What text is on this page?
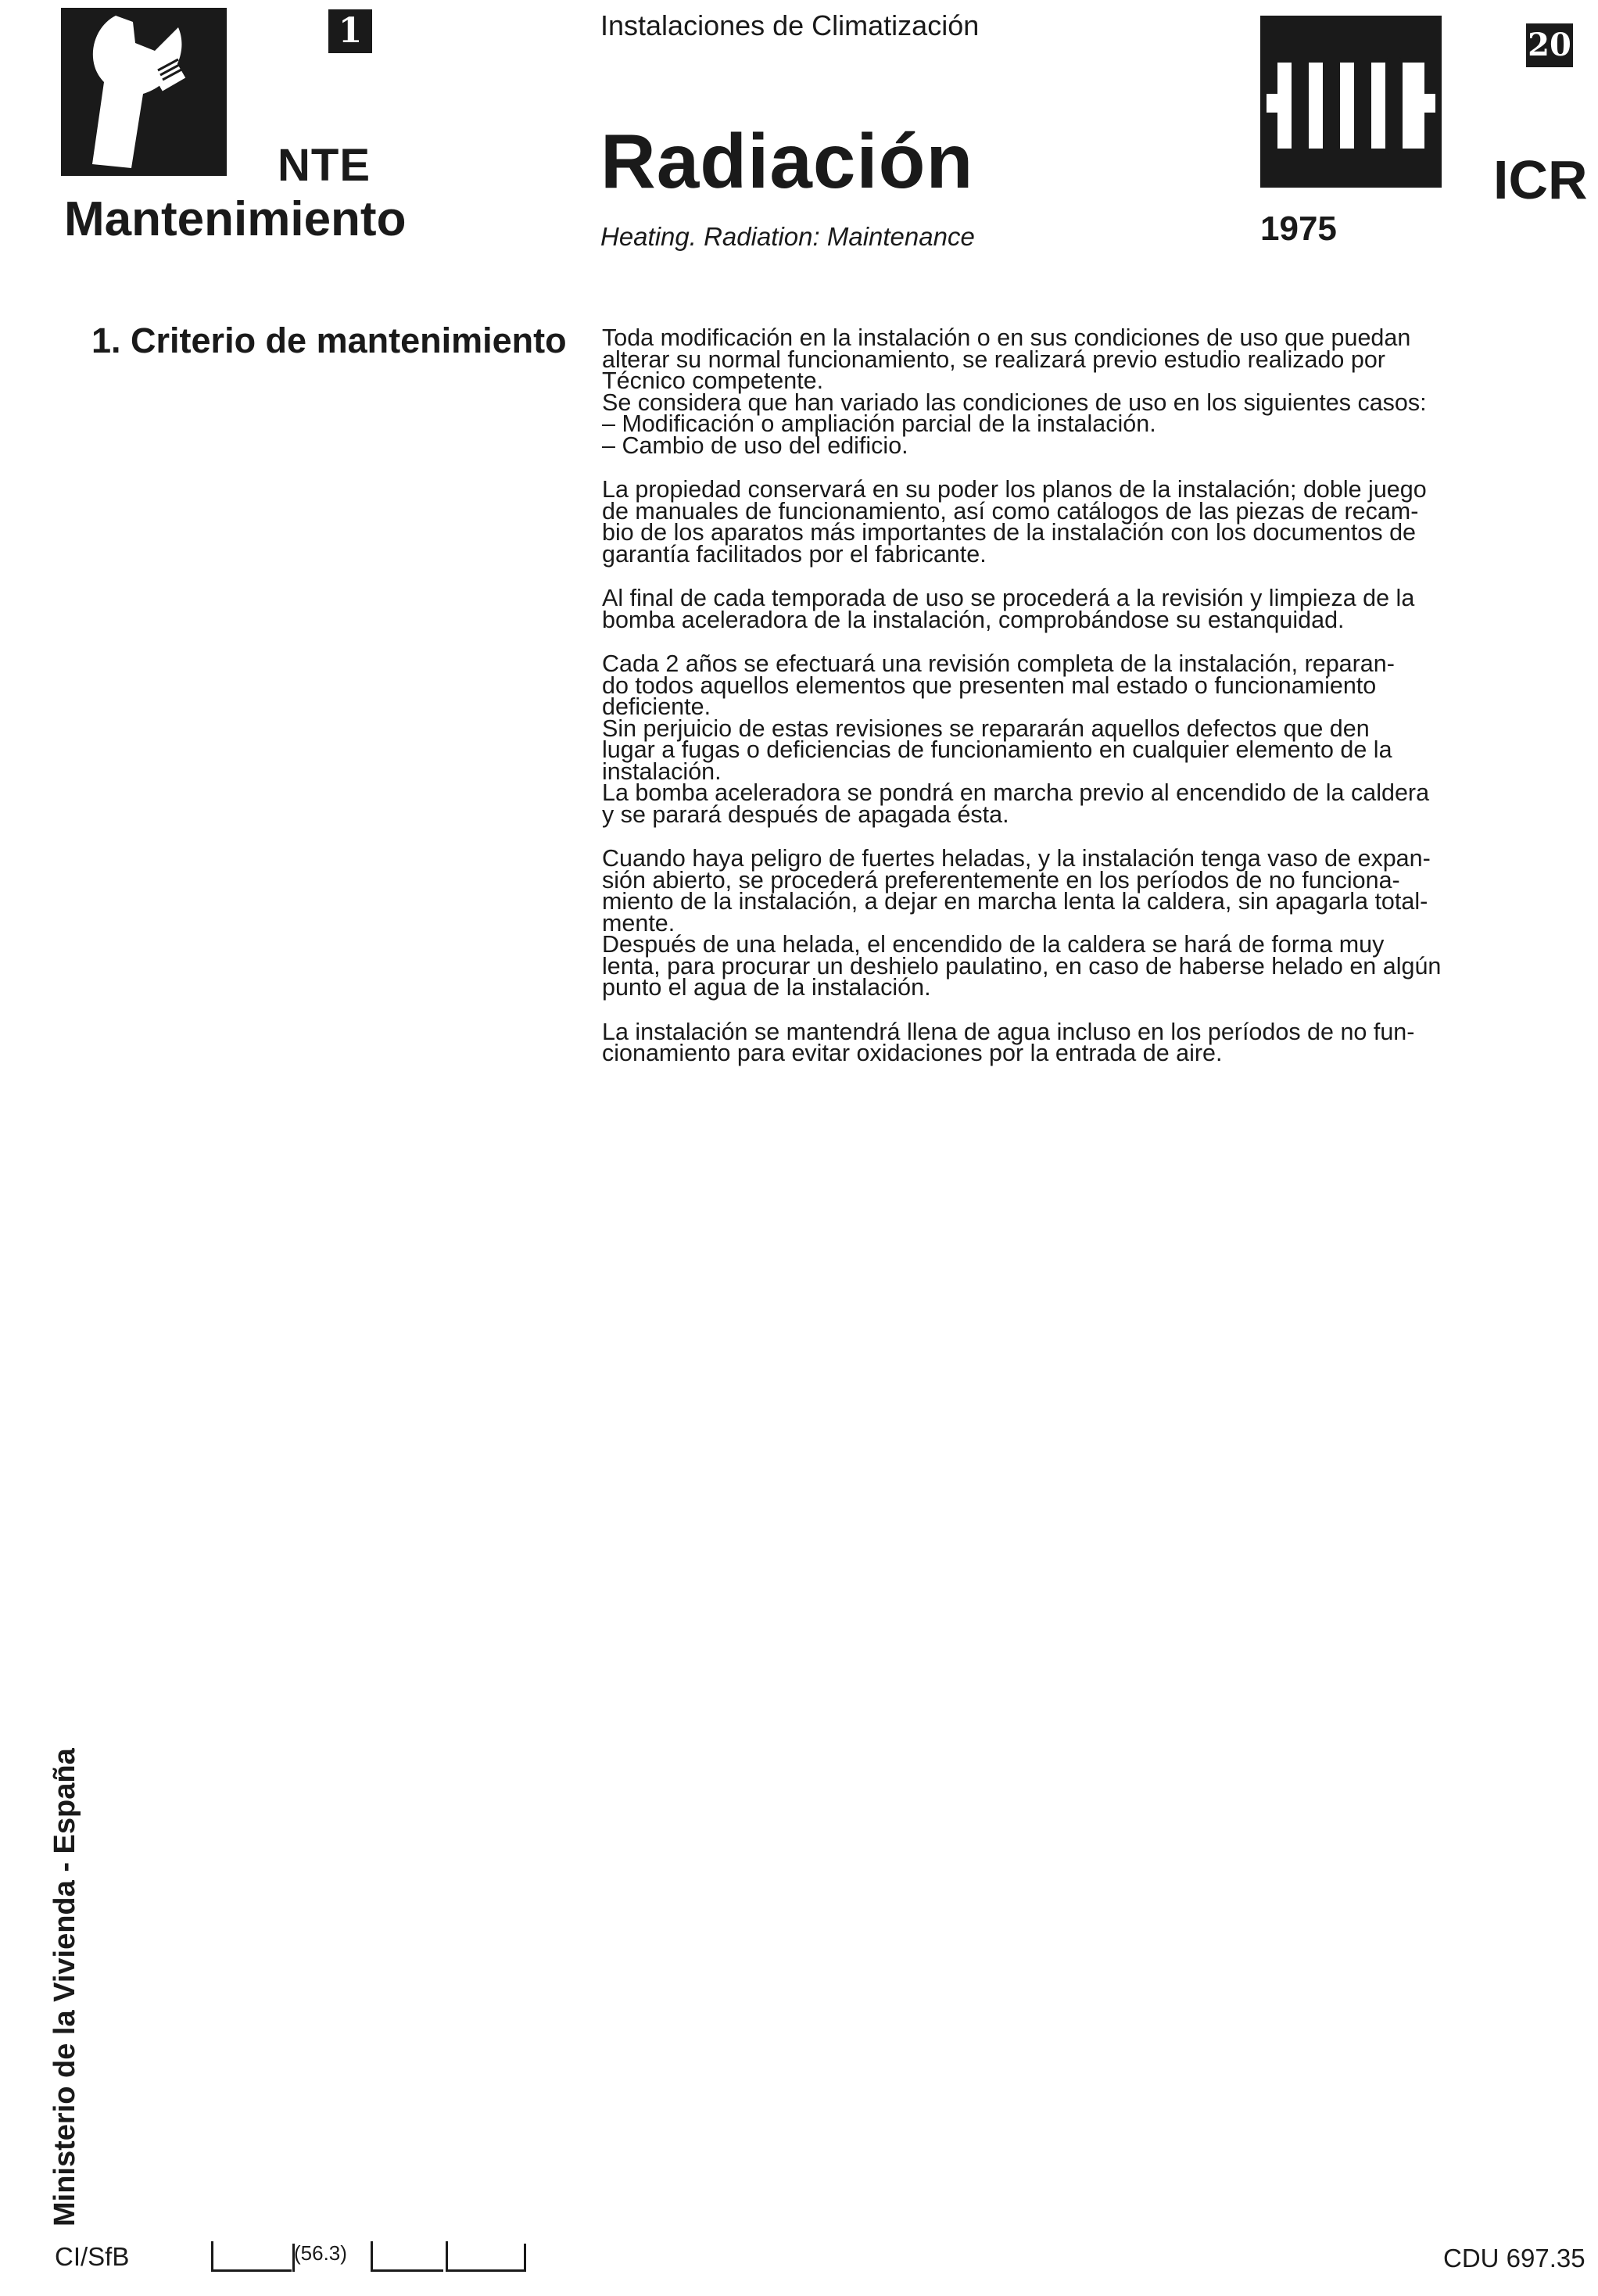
1
NTE
Mantenimiento
Instalaciones de Climatización
Radiación
Heating. Radiation: Maintenance
20
ICR
1975
1. Criterio de mantenimiento Toda modificación en la instalación o en sus condiciones de uso que puedan
alterar su normal funcionamiento, se realizará previo estudio realizado por
Técnico competente.
Se considera que han variado las condiciones de uso en los siguientes casos:
– Modificación o ampliación parcial de la instalación.
– Cambio de uso del edificio.
La propiedad conservará en su poder los planos de la instalación; doble juego
de manuales de funcionamiento, así como catálogos de las piezas de recam-
bio de los aparatos más importantes de la instalación con los documentos de
garantía facilitados por el fabricante.
Al final de cada temporada de uso se procederá a la revisión y limpieza de la
bomba aceleradora de la instalación, comprobándose su estanquidad.
Cada 2 años se efectuará una revisión completa de la instalación, reparan-
do todos aquellos elementos que presenten mal estado o funcionamiento
deficiente.
Sin perjuicio de estas revisiones se repararán aquellos defectos que den
lugar a fugas o deficiencias de funcionamiento en cualquier elemento de la
instalación.
La bomba aceleradora se pondrá en marcha previo al encendido de la caldera
y se parará después de apagada ésta.
Cuando haya peligro de fuertes heladas, y la instalación tenga vaso de expan-
sión abierto, se procederá preferentemente en los períodos de no funciona-
miento de la instalación, a dejar en marcha lenta la caldera, sin apagarla total-
mente.
Después de una helada, el encendido de la caldera se hará de forma muy
lenta, para procurar un deshielo paulatino, en caso de haberse helado en algún
punto el agua de la instalación.
La instalación se mantendrá llena de agua incluso en los períodos de no fun-
cionamiento para evitar oxidaciones por la entrada de aire.
Ministerio de la Vivienda - España
CI/SfB	(56.3)	CDU 697.35
